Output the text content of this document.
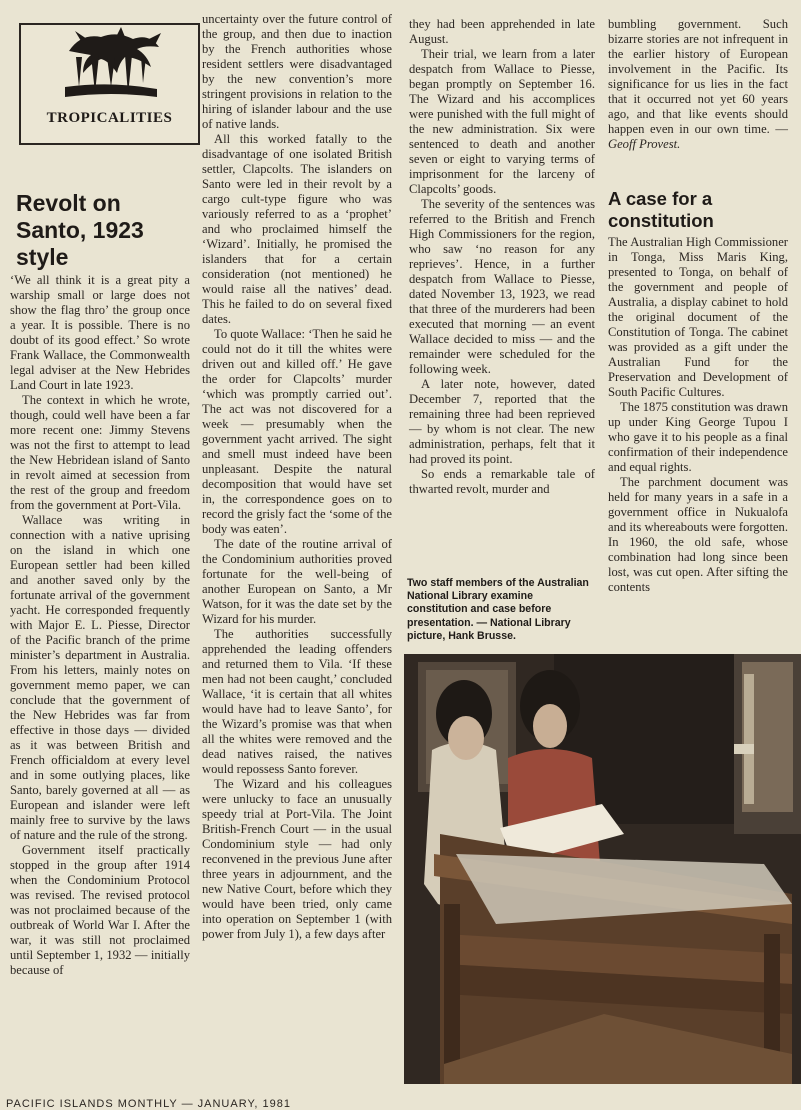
TROPICALITIES
Revolt on Santo, 1923 style

‘We all think it is a great pity a warship small or large does not show the flag thro’ the group once a year. It is possible. There is no doubt of its good effect.’ So wrote Frank Wallace, the Commonwealth legal adviser at the New Hebrides Land Court in late 1923.

The context in which he wrote, though, could well have been a far more recent one: Jimmy Stevens was not the first to attempt to lead the New Hebridean island of Santo in revolt aimed at secession from the rest of the group and freedom from the government at Port-Vila.

Wallace was writing in connection with a native uprising on the island in which one European settler had been killed and another saved only by the fortunate arrival of the government yacht. He corresponded frequently with Major E. L. Piesse, Director of the Pacific branch of the prime minister’s department in Australia. From his letters, mainly notes on government memo paper, we can conclude that the government of the New Hebrides was far from effective in those days — divided as it was between British and French officialdom at every level and in some outlying places, like Santo, barely governed at all — as European and islander were left mainly free to survive by the laws of nature and the rule of the strong.

Government itself practically stopped in the group after 1914 when the Condominium Protocol was revised. The revised protocol was not proclaimed because of the outbreak of World War I. After the war, it was still not proclaimed until September 1, 1932 — initially because of

uncertainty over the future control of the group, and then due to inaction by the French authorities whose resident settlers were disadvantaged by the new convention’s more stringent provisions in relation to the hiring of islander labour and the use of native lands.

All this worked fatally to the disadvantage of one isolated British settler, Clapcolts. The islanders on Santo were led in their revolt by a cargo cult-type figure who was variously referred to as a ‘prophet’ and who proclaimed himself the ‘Wizard’. Initially, he promised the islanders that for a certain consideration (not mentioned) he would raise all the natives’ dead. This he failed to do on several fixed dates.

To quote Wallace: ‘Then he said he could not do it till the whites were driven out and killed off.’ He gave the order for Clapcolts’ murder ‘which was promptly carried out’. The act was not discovered for a week — presumably when the government yacht arrived. The sight and smell must indeed have been unpleasant. Despite the natural decomposition that would have set in, the correspondence goes on to record the grisly fact the ‘some of the body was eaten’.

The date of the routine arrival of the Condominium authorities proved fortunate for the well-being of another European on Santo, a Mr Watson, for it was the date set by the Wizard for his murder.

The authorities successfully apprehended the leading offenders and returned them to Vila. ‘If these men had not been caught,’ concluded Wallace, ‘it is certain that all whites would have had to leave Santo’, for the Wizard’s promise was that when all the whites were removed and the dead natives raised, the natives would repossess Santo forever.

The Wizard and his colleagues were unlucky to face an unusually speedy trial at Port-Vila. The Joint British-French Court — in the usual Condominium style — had only reconvened in the previous June after three years in adjournment, and the new Native Court, before which they would have been tried, only came into operation on September 1 (with power from July 1), a few days after

they had been apprehended in late August.

Their trial, we learn from a later despatch from Wallace to Piesse, began promptly on September 16. The Wizard and his accomplices were punished with the full might of the new administration. Six were sentenced to death and another seven or eight to varying terms of imprisonment for the larceny of Clapcolts’ goods.

The severity of the sentences was referred to the British and French High Commissioners for the region, who saw ‘no reason for any reprieves’. Hence, in a further despatch from Wallace to Piesse, dated November 13, 1923, we read that three of the murderers had been executed that morning — an event Wallace decided to miss — and the remainder were scheduled for the following week.

A later note, however, dated December 7, reported that the remaining three had been reprieved — by whom is not clear. The new administration, perhaps, felt that it had proved its point.

So ends a remarkable tale of thwarted revolt, murder and

Two staff members of the Australian National Library examine constitution and case before presentation. — National Library picture, Hank Brusse.

bumbling government. Such bizarre stories are not infrequent in the earlier history of European involvement in the Pacific. Its significance for us lies in the fact that it occurred not yet 60 years ago, and that like events should happen even in our own time. — Geoff Provest.

A case for a constitution

The Australian High Commissioner in Tonga, Miss Maris King, presented to Tonga, on behalf of the government and people of Australia, a display cabinet to hold the original document of the Constitution of Tonga. The cabinet was provided as a gift under the Australian Fund for the Preservation and Development of South Pacific Cultures.

The 1875 constitution was drawn up under King George Tupou I who gave it to his people as a final confirmation of their independence and equal rights.

The parchment document was held for many years in a safe in a government office in Nukualofa and its whereabouts were forgotten. In 1960, the old safe, whose combination had long since been lost, was cut open. After sifting the contents

PACIFIC ISLANDS MONTHLY — JANUARY, 1981
